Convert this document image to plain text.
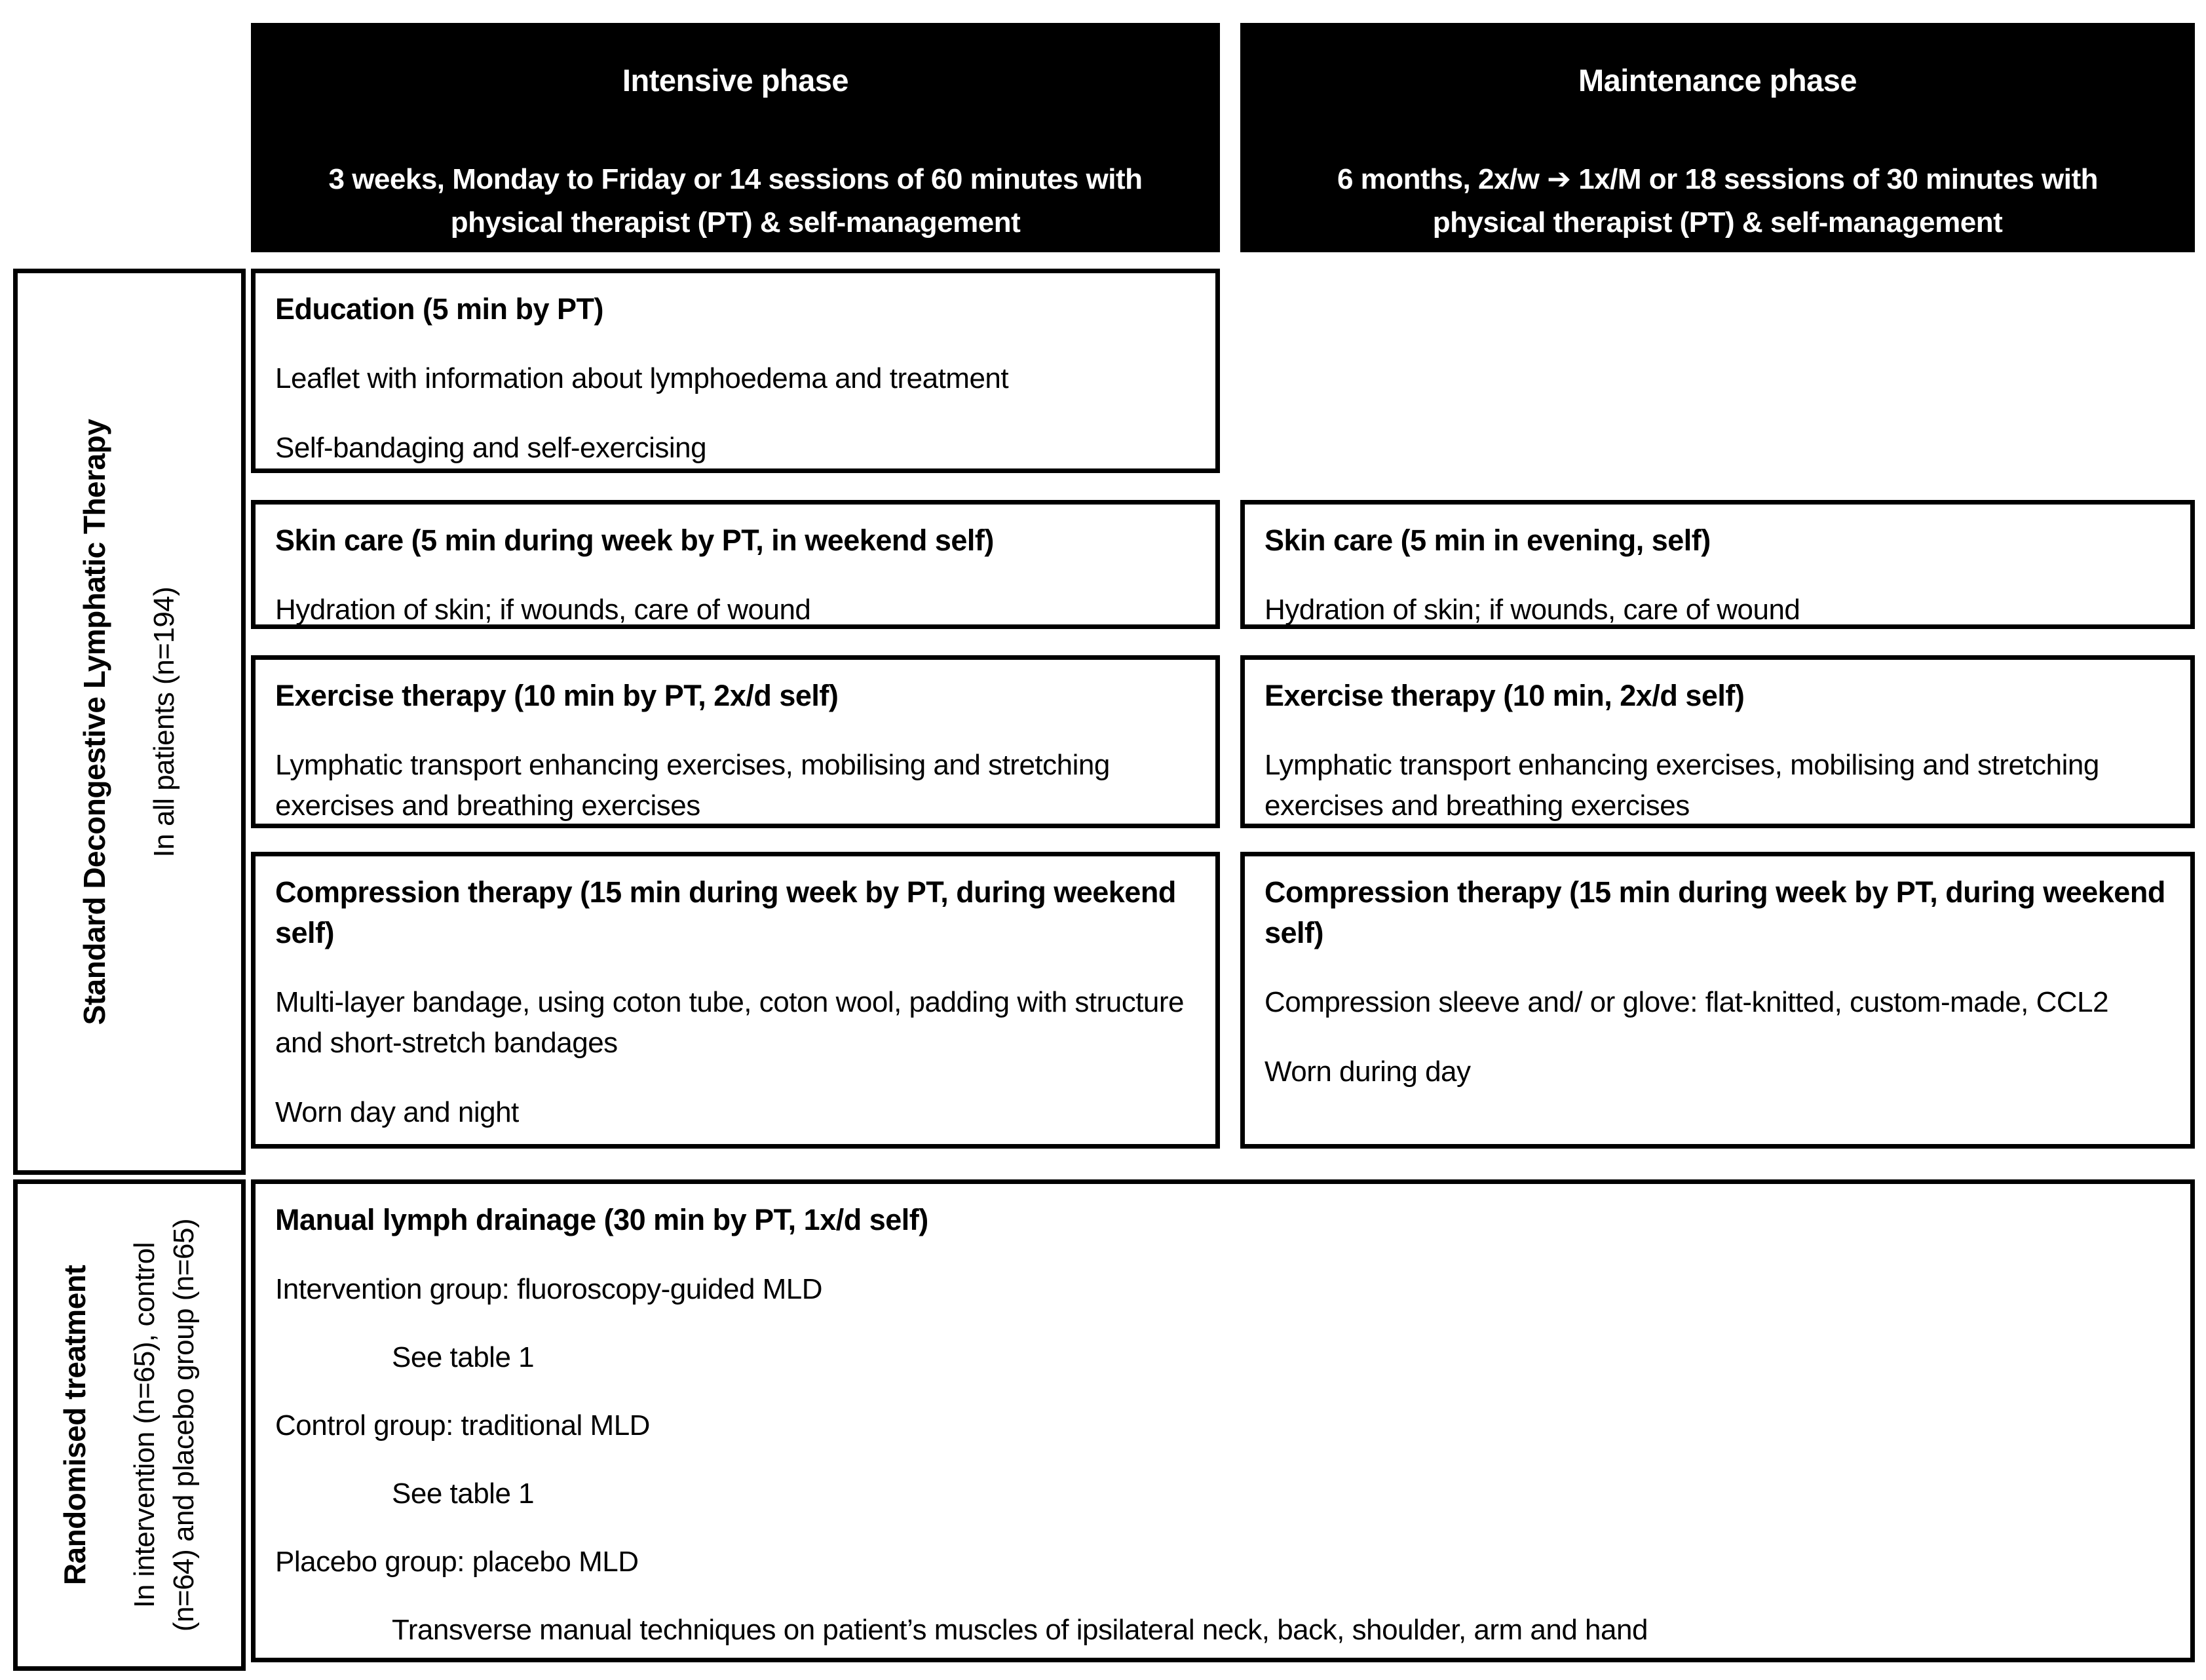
Intensive phase
3 weeks, Monday to Friday or 14 sessions of 60 minutes with physical therapist (PT) & self-management
Maintenance phase
6 months, 2x/w ➔ 1x/M or 18 sessions of 30 minutes with physical therapist (PT) & self-management
Standard Decongestive Lymphatic Therapy In all patients (n=194)
Randomised treatment In intervention (n=65), control (n=64) and placebo group (n=65)
Education (5 min by PT)
Leaflet with information about lymphoedema and treatment
Self-bandaging and self-exercising
Skin care (5 min during week by PT, in weekend self)
Hydration of skin; if wounds, care of wound
Skin care (5 min in evening, self)
Hydration of skin; if wounds, care of wound
Exercise therapy (10 min by PT, 2x/d self)
Lymphatic transport enhancing exercises, mobilising and stretching exercises and breathing exercises
Exercise therapy (10 min, 2x/d self)
Lymphatic transport enhancing exercises, mobilising and stretching exercises and breathing exercises
Compression therapy (15 min during week by PT, during weekend self)
Multi-layer bandage, using coton tube, coton wool, padding with structure and short-stretch bandages
Worn day and night
Compression therapy (15 min during week by PT, during weekend self)
Compression sleeve and/ or glove: flat-knitted, custom-made, CCL2
Worn during day
Manual lymph drainage (30 min by PT, 1x/d self)
Intervention group: fluoroscopy-guided MLD
See table 1
Control group: traditional MLD
See table 1
Placebo group: placebo MLD
Transverse manual techniques on patient’s muscles of ipsilateral neck, back, shoulder, arm and hand
